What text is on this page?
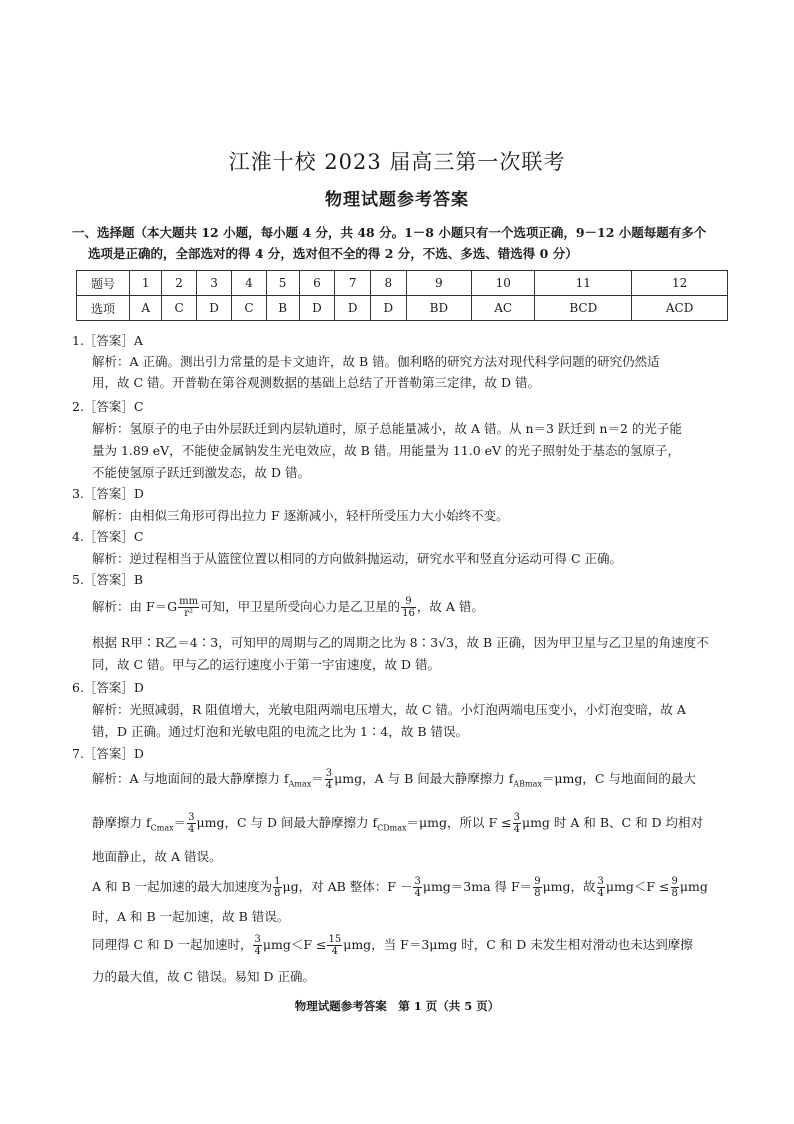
江淮十校 2023 届高三第一次联考
物理试题参考答案
一、选择题（本大题共 12 小题，每小题 4 分，共 48 分。1－8 小题只有一个选项正确，9－12 小题每题有多个
选项是正确的，全部选对的得 4 分，选对但不全的得 2 分，不选、多选、错选得 0 分）
题号	1	2	3	4	5	6	7	8	9	10	11	12
选项	A	C	D	C	B	D	D	D	BD	AC	BCD	ACD
1.［答案］A
解析：A 正确。测出引力常量的是卡文迪许，故 B 错。伽利略的研究方法对现代科学问题的研究仍然适
用，故 C 错。开普勒在第谷观测数据的基础上总结了开普勒第三定律，故 D 错。
2.［答案］C
解析：氢原子的电子由外层跃迁到内层轨道时，原子总能量减小，故 A 错。从 n＝3 跃迁到 n＝2 的光子能
量为 1.89 eV，不能使金属钠发生光电效应，故 B 错。用能量为 11.0 eV 的光子照射处于基态的氢原子，
不能使氢原子跃迁到激发态，故 D 错。
3.［答案］D
解析：由相似三角形可得出拉力 F 逐渐减小，轻杆所受压力大小始终不变。
4.［答案］C
解析：逆过程相当于从篮筐位置以相同的方向做斜抛运动，研究水平和竖直分运动可得 C 正确。
5.［答案］B
解析：由 $F=G \frac{mm}{\text{r²}}$ 可知，甲卫星所受向心力是乙卫星的 $\frac{9}{16}$ ，故 A 错。
根据 R甲∶R乙＝4∶3，可知甲的周期与乙的周期之比为 8∶3√3，故 B 正确，因为甲卫星与乙卫星的角速度不
同，故 C 错。甲与乙的运行速度小于第一宇宙速度，故 D 错。
6.［答案］D
解析：光照减弱，R 阻值增大，光敏电阻两端电压增大，故 C 错。小灯泡两端电压变小，小灯泡变暗，故 A
错，D 正确。通过灯泡和光敏电阻的电流之比为 1∶4，故 B 错误。
7.［答案］D
解析：A 与地面间的最大静摩擦力 $f_{Amax}= \frac{3}{4}$ μmg，A 与 B 间最大静摩擦力 $f_{ABmax}=\mu mg$，C 与地面间的最大
静摩擦力 $f_{Cmax}= \frac{3}{4}$ μmg，C 与 D 间最大静摩擦力 $f_{CDmax}=\mu mg$，所以 $F \le \frac{3}{4}$ μmg 时 A 和 B、C 和 D 均相对
地面静止，故 A 错误。
A 和 B 一起加速的最大加速度为 $\frac{1}{8}$ μg，对 AB 整体：$F - \frac{3}{4} \mu mg=3ma$ 得 $F= \frac{9}{8}$ μmg，故 $\frac{3}{4} \mu mg<F \le \frac{9}{8}$ μmg
时，A 和 B 一起加速，故 B 错误。
同理得 C 和 D 一起加速时， $\frac{3}{4} \mu mg<F \le \frac{15}{4}$ μmg，当 F＝3μmg 时，C 和 D 未发生相对滑动也未达到摩擦
力的最大值，故 C 错误。易知 D 正确。
物理试题参考答案　第 1 页（共 5 页）
